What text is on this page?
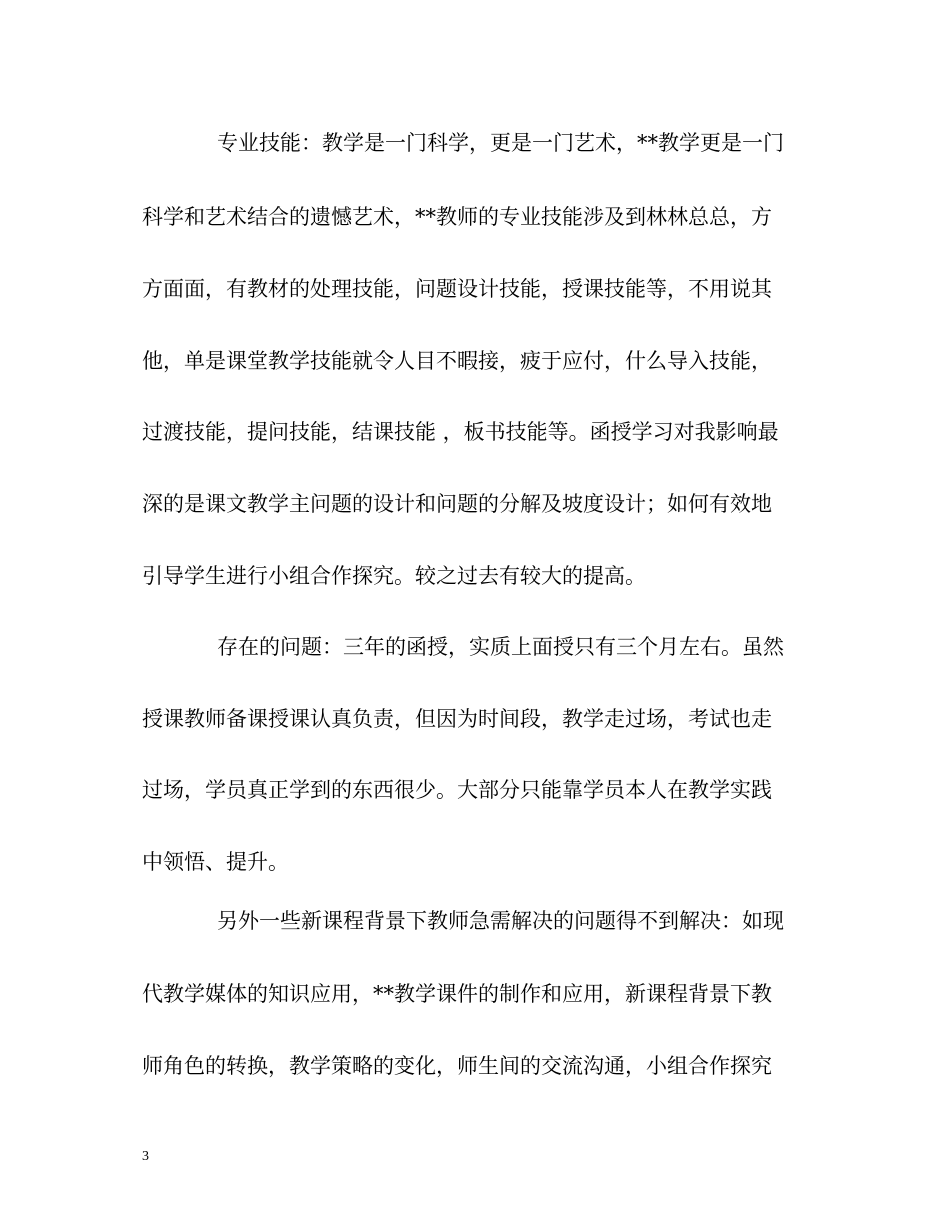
专业技能：教学是一门科学，更是一门艺术，**教学更是一门
科学和艺术结合的遗憾艺术，**教师的专业技能涉及到林林总总，方
方面面，有教材的处理技能，问题设计技能，授课技能等，不用说其
他，单是课堂教学技能就令人目不暇接，疲于应付，什么导入技能，
过渡技能，提问技能，结课技能 ，板书技能等。函授学习对我影响最
深的是课文教学主问题的设计和问题的分解及坡度设计；如何有效地
引导学生进行小组合作探究。较之过去有较大的提高。
存在的问题：三年的函授，实质上面授只有三个月左右。虽然
授课教师备课授课认真负责，但因为时间段，教学走过场，考试也走
过场，学员真正学到的东西很少。大部分只能靠学员本人在教学实践
中领悟、提升。
另外一些新课程背景下教师急需解决的问题得不到解决：如现
代教学媒体的知识应用，**教学课件的制作和应用，新课程背景下教
师角色的转换，教学策略的变化，师生间的交流沟通，小组合作探究
3
